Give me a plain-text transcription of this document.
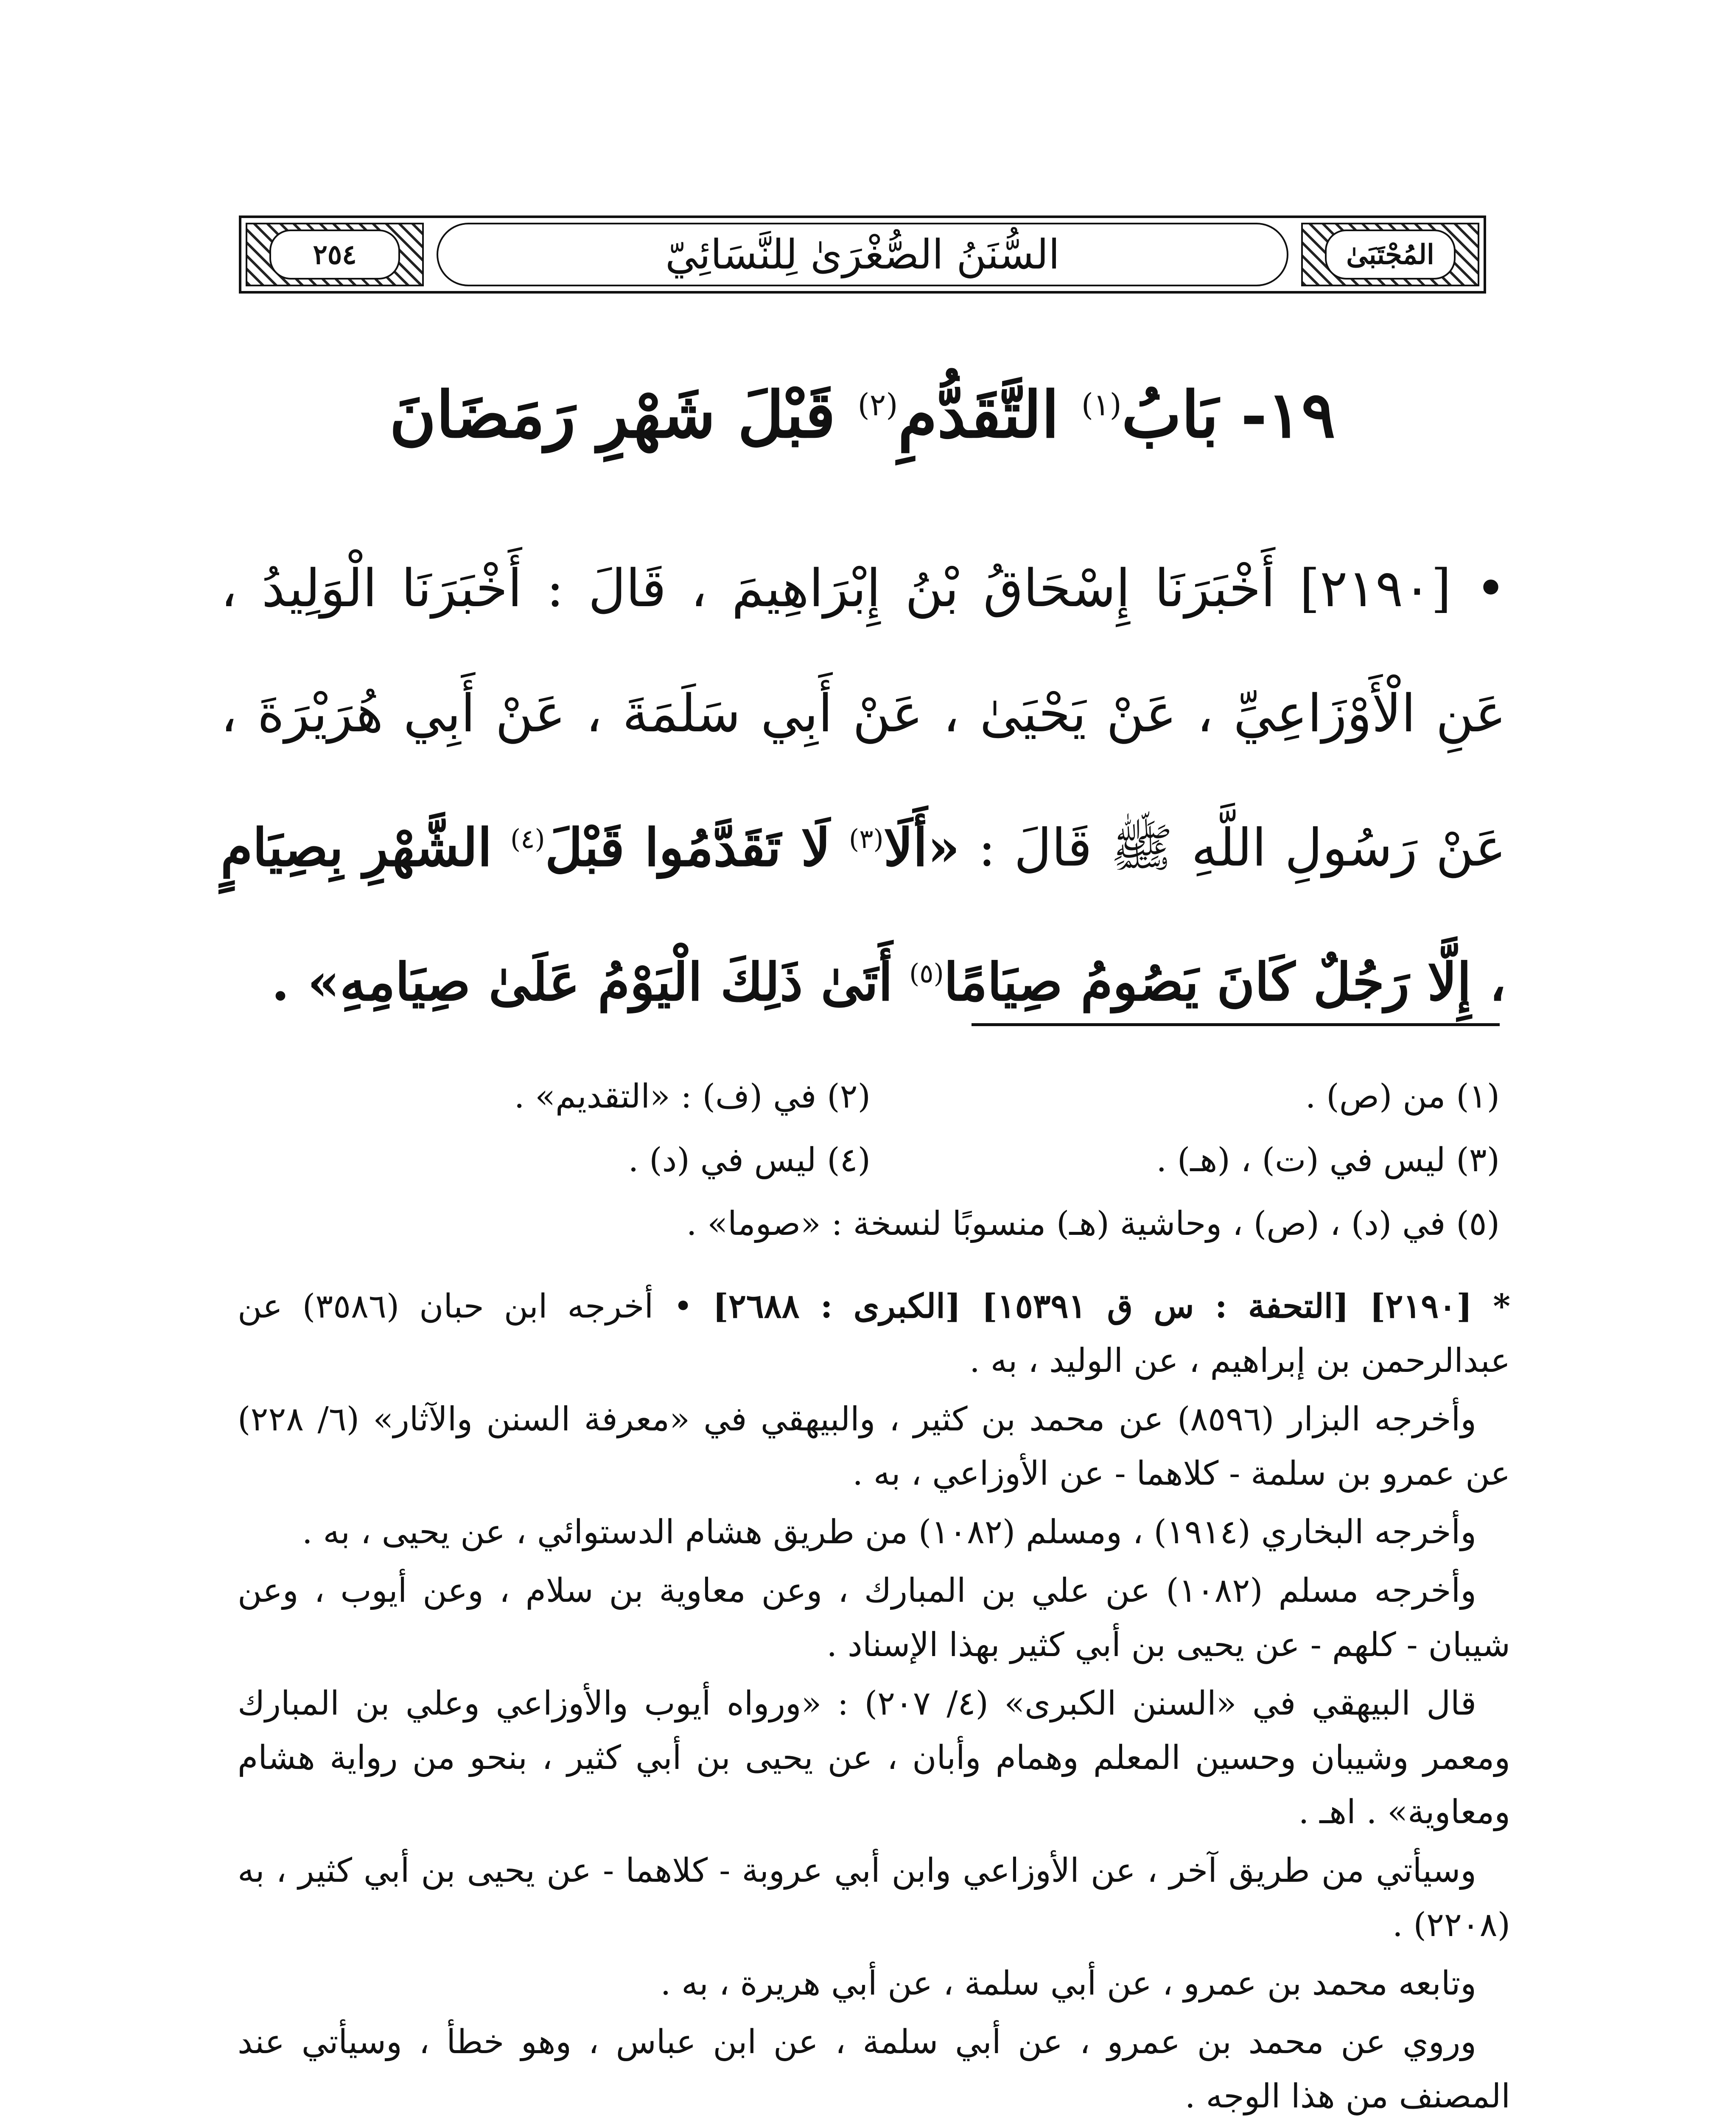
٢٥٤	السُّنَنُ الصُّغْرَىٰ لِلنَّسَائِيّ	المُجْتَبَىٰ
١٩- بَابُ$^{(١)}$ التَّقَدُّمِ$^{(٢)}$ قَبْلَ شَهْرِ رَمَضَانَ
• [٢١٩٠] أَخْبَرَنَا إِسْحَاقُ بْنُ إِبْرَاهِيمَ ، قَالَ : أَخْبَرَنَا الْوَلِيدُ ، عَنِ الْأَوْزَاعِيِّ ، عَنْ يَحْيَىٰ ، عَنْ أَبِي سَلَمَةَ ، عَنْ أَبِي هُرَيْرَةَ ، عَنْ رَسُولِ اللَّهِ ﷺ قَالَ : «أَلَا$^{(٣)}$ لَا تَقَدَّمُوا قَبْلَ$^{(٤)}$ الشَّهْرِ بِصِيَامٍ ، إِلَّا رَجُلٌ كَانَ يَصُومُ صِيَامًا$^{(٥)}$ أَتَىٰ ذَلِكَ الْيَوْمُ عَلَىٰ صِيَامِهِ» .
(١) من (ص) .
(٢) في (ف) : «التقديم» .
(٣) ليس في (ت) ، (هـ) .
(٤) ليس في (د) .
(٥) في (د) ، (ص) ، وحاشية (هـ) منسوبًا لنسخة : «صوما» .

* [٢١٩٠] [التحفة : س ق ١٥٣٩١] [الكبرى : ٢٦٨٨] • أخرجه ابن حبان (٣٥٨٦) عن عبدالرحمن بن إبراهيم ، عن الوليد ، به .

وأخرجه البزار (٨٥٩٦) عن محمد بن كثير ، والبيهقي في «معرفة السنن والآثار» (٦/ ٢٢٨) عن عمرو بن سلمة - كلاهما - عن الأوزاعي ، به .

وأخرجه البخاري (١٩١٤) ، ومسلم (١٠٨٢) من طريق هشام الدستوائي ، عن يحيى ، به .

وأخرجه مسلم (١٠٨٢) عن علي بن المبارك ، وعن معاوية بن سلام ، وعن أيوب ، وعن شيبان - كلهم - عن يحيى بن أبي كثير بهذا الإسناد .

قال البيهقي في «السنن الكبرى» (٤/ ٢٠٧) : «ورواه أيوب والأوزاعي وعلي بن المبارك ومعمر وشيبان وحسين المعلم وهمام وأبان ، عن يحيى بن أبي كثير ، بنحو من رواية هشام ومعاوية» . اهـ .

وسيأتي من طريق آخر ، عن الأوزاعي وابن أبي عروبة - كلاهما - عن يحيى بن أبي كثير ، به (٢٢٠٨) .

وتابعه محمد بن عمرو ، عن أبي سلمة ، عن أبي هريرة ، به .

وروي عن محمد بن عمرو ، عن أبي سلمة ، عن ابن عباس ، وهو خطأ ، وسيأتي عند المصنف من هذا الوجه .
